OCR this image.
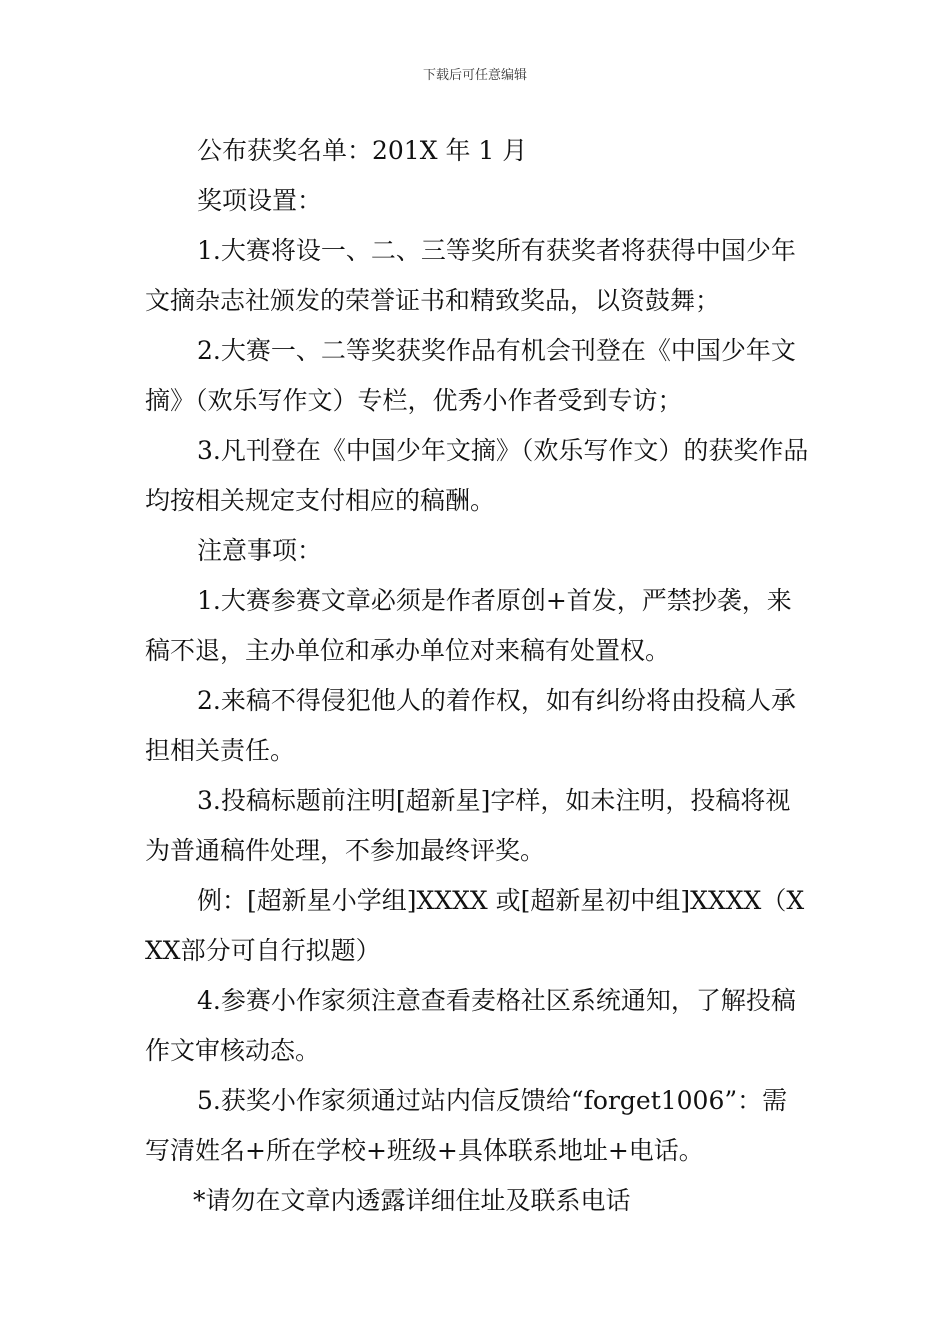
下载后可任意编辑

公布获奖名单：201X 年 1 月

奖项设置：

1.大赛将设一、二、三等奖所有获奖者将获得中国少年文摘杂志社颁发的荣誉证书和精致奖品，以资鼓舞；

2.大赛一、二等奖获奖作品有机会刊登在《中国少年文摘》（欢乐写作文）专栏，优秀小作者受到专访；

3.凡刊登在《中国少年文摘》（欢乐写作文）的获奖作品均按相关规定支付相应的稿酬。

注意事项：

1.大赛参赛文章必须是作者原创+首发，严禁抄袭，来稿不退，主办单位和承办单位对来稿有处置权。

2.来稿不得侵犯他人的着作权，如有纠纷将由投稿人承担相关责任。

3.投稿标题前注明[超新星]字样，如未注明，投稿将视为普通稿件处理，不参加最终评奖。

例：[超新星小学组]XXXX 或[超新星初中组]XXXX（XXX部分可自行拟题）

4.参赛小作家须注意查看麦格社区系统通知，了解投稿作文审核动态。

5.获奖小作家须通过站内信反馈给“forget1006”：需写清姓名+所在学校+班级+具体联系地址+电话。

*请勿在文章内透露详细住址及联系电话
